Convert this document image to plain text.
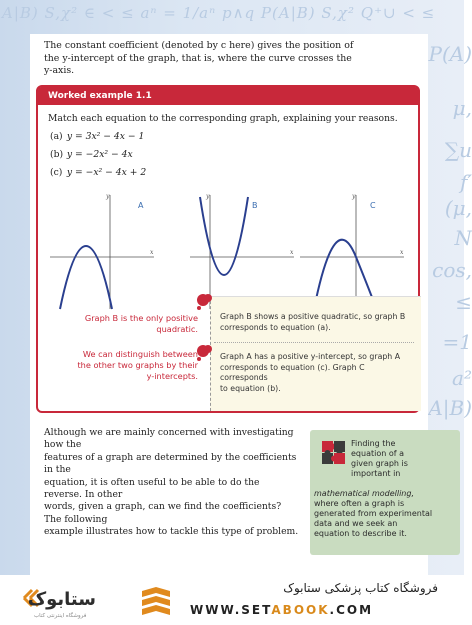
A|B) S,χ² ∈ < ≤ aⁿ = 1/aⁿ p∧q P(A|B) S,χ² Q⁺∪ < ≤
P(A)
μ,
∑u
f′
(μ,
N
cos,
≤
=1
a²
A|B)
The constant coefficient (denoted by c here) gives the position of
the y-intercept of the graph, that is, where the curve crosses the
y-axis.
Worked example 1.1
Match each equation to the corresponding graph, explaining your reasons.
(a) y = 3x² − 4x − 1
(b) y = −2x² − 4x
(c) y = −x² − 4x + 2
x
y
A
x
y
B
x
y
C
Graph B shows a positive quadratic, so graph B
corresponds to equation (a).
Graph A has a positive y-intercept, so graph A
corresponds to equation (c). Graph C corresponds
to equation (b).
Graph B is the only positive
quadratic.
We can distinguish between
the other two graphs by their
y-intercepts.
Although we are mainly concerned with investigating how the
features of a graph are determined by the coefficients in the
equation, it is often useful to be able to do the reverse. In other
words, given a graph, can we find the coefficients? The following
example illustrates how to tackle this type of problem.
Finding the
equation of a
given graph is
important in
mathematical modelling,
where often a graph is
generated from experimental
data and we seek an
equation to describe it.
ستابوک
فروشگاه اینترنتی کتاب
فروشگاه کتاب پزشکی ستابوک
WWW.SETABOOK.COM
